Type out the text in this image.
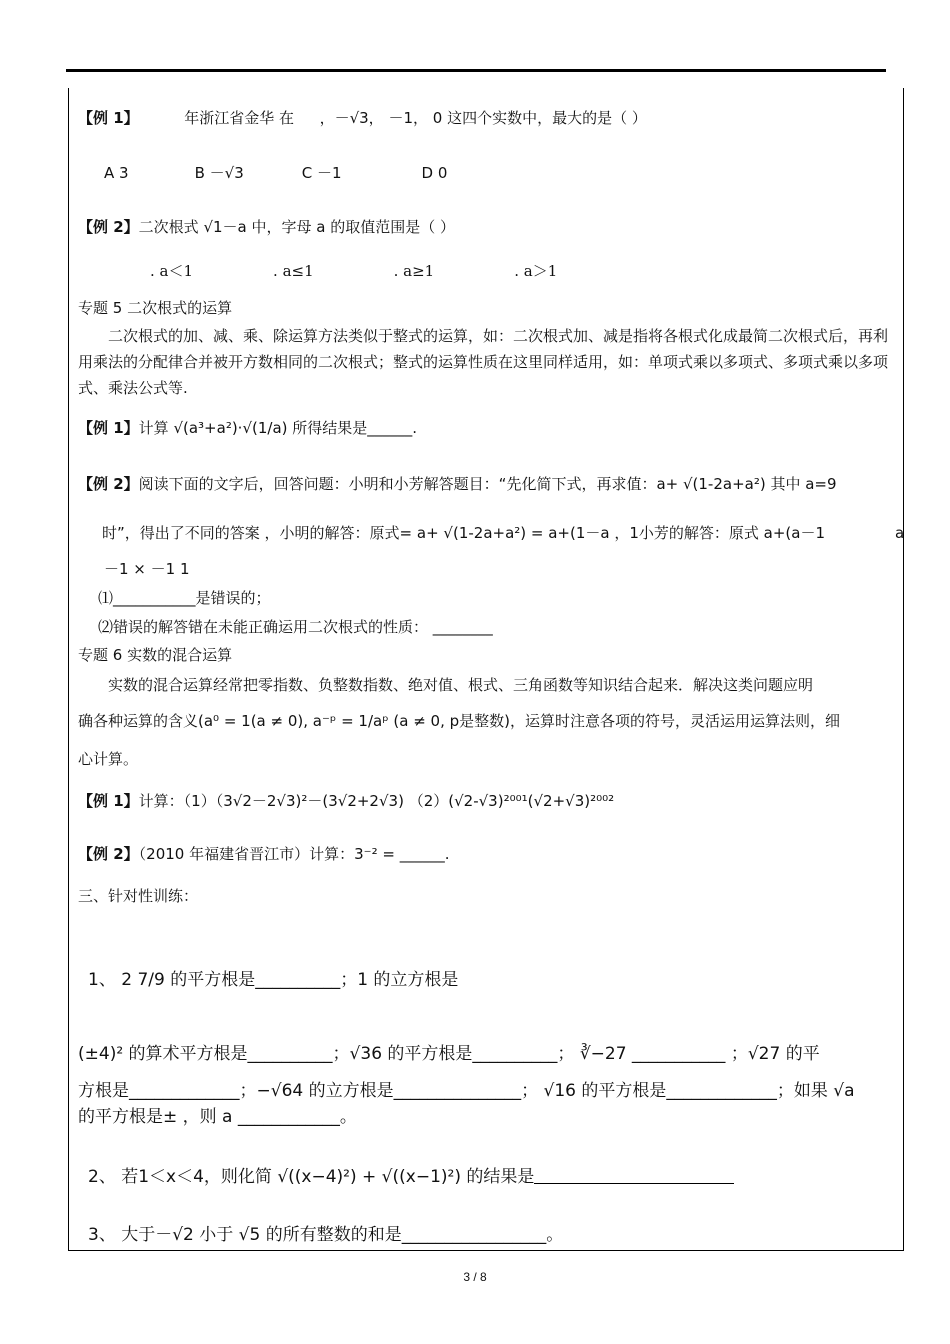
【例 1】	年浙江省金华 在 ，－√3， －1， 0 这四个实数中，最大的是（ ）
A 3	B －√3	C －1	D 0
【例 2】二次根式 √1－a 中，字母 a 的取值范围是（ ）
. a＜1	. a≤1	. a≥1	. a＞1
专题 5 二次根式的运算
二次根式的加、减、乘、除运算方法类似于整式的运算，如：二次根式加、减是指将各根式化成最简二次根式后，再利用乘法的分配律合并被开方数相同的二次根式；整式的运算性质在这里同样适用，如：单项式乘以多项式、多项式乘以多项式、乘法公式等.
【例 1】计算 √(a³+a²)·√(1/a) 所得结果是______.
【例 2】阅读下面的文字后，回答问题：小明和小芳解答题目：“先化简下式，再求值：a+ √(1-2a+a²) 其中 a=9
时”，得出了不同的答案 ，小明的解答：原式= a+ √(1-2a+a²) = a+(1－a ，1小芳的解答：原式 a+(a－1	a
－1 × －1 1
⑴___________是错误的；
⑵错误的解答错在未能正确运用二次根式的性质： ________
专题 6 实数的混合运算
实数的混合运算经常把零指数、负整数指数、绝对值、根式、三角函数等知识结合起来．解决这类问题应明
确各种运算的含义(a⁰ = 1(a ≠ 0), a⁻ᵖ = 1/aᵖ (a ≠ 0, p是整数)，运算时注意各项的符号，灵活运用运算法则，细
心计算。
【例 1】计算：（1）（3√2－2√3)²－(3√2+2√3) （2）(√2-√3)²⁰⁰¹(√2+√3)²⁰⁰²
【例 2】（2010 年福建省晋江市）计算：3⁻² = ______.
三、针对性训练：
1、 2 7/9 的平方根是__________；1 的立方根是
(±4)² 的算术平方根是__________；√36 的平方根是__________； ∛−27 ___________ ；√27 的平
方根是_____________；−√64 的立方根是_______________； √16 的平方根是_____________；如果 √a
的平方根是± ，则 a ____________。
2、 若1＜x＜4，则化简 √((x−4)²) + √((x−1)²) 的结果是
3、 大于－√2 小于 √5 的所有整数的和是_________________。
3 / 8
